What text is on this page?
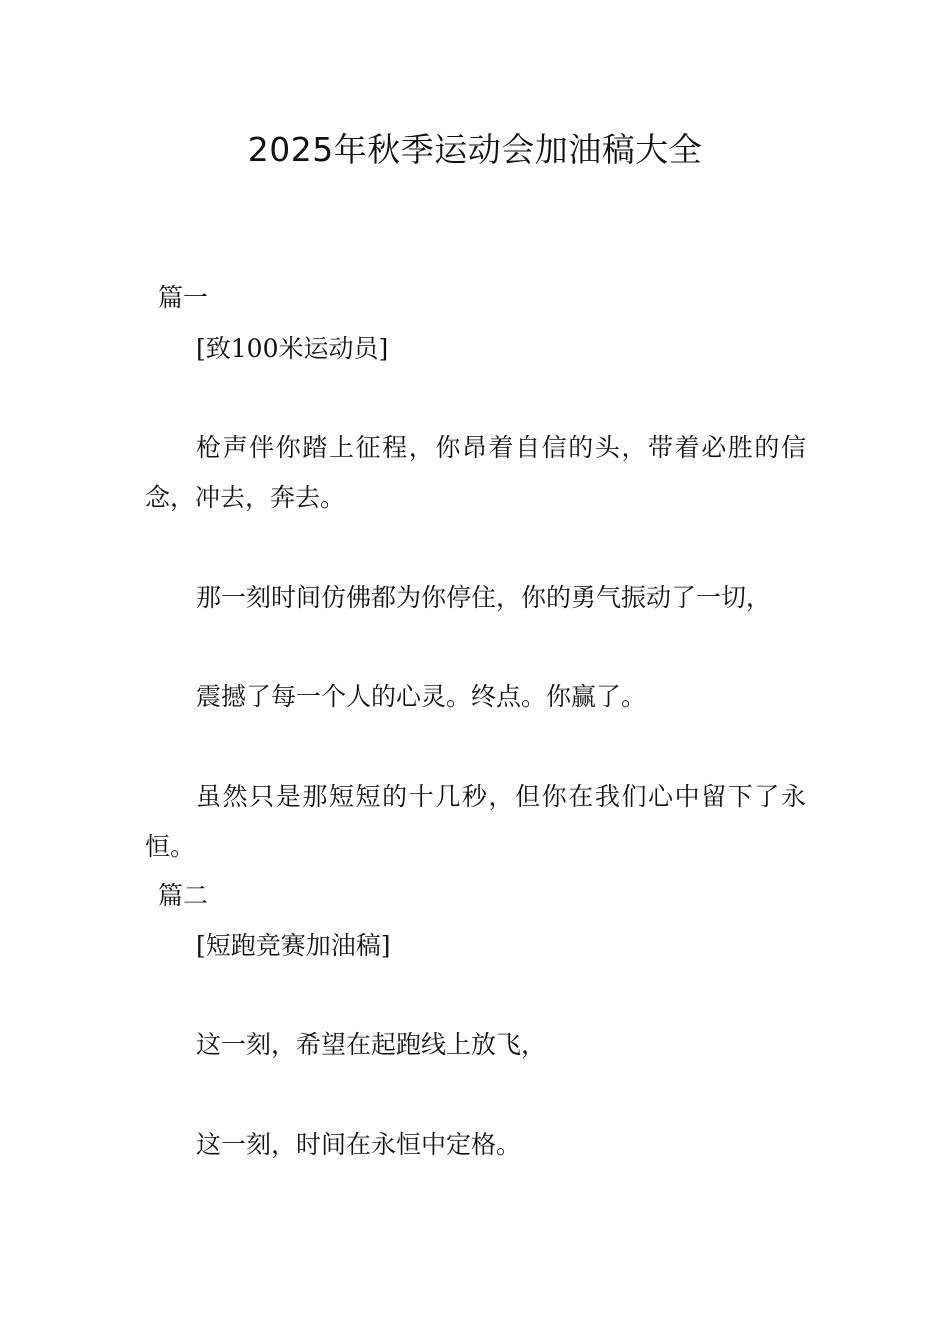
2025年秋季运动会加油稿大全

篇一

[致100米运动员]

枪声伴你踏上征程，你昂着自信的头，带着必胜的信

念，冲去，奔去。

那一刻时间仿佛都为你停住，你的勇气振动了一切，

震撼了每一个人的心灵。终点。你赢了。

虽然只是那短短的十几秒，但你在我们心中留下了永

恒。

篇二

[短跑竞赛加油稿]

这一刻，希望在起跑线上放飞，

这一刻，时间在永恒中定格。
